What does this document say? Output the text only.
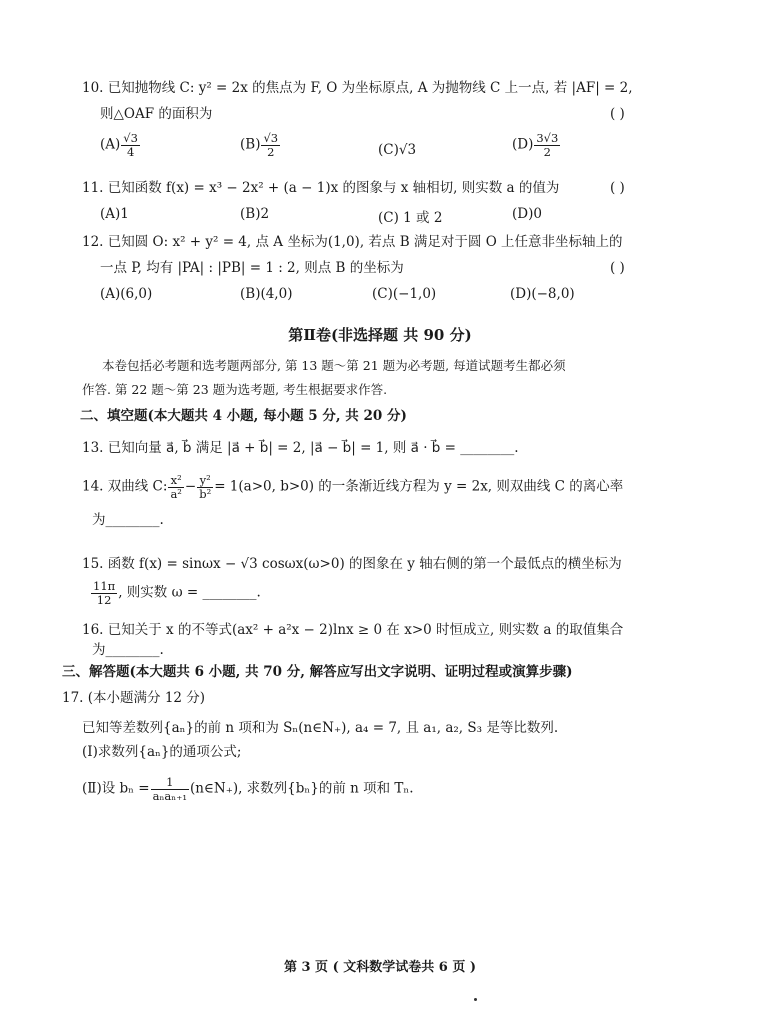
10. 已知抛物线 C: y² = 2x 的焦点为 F, O 为坐标原点, A 为抛物线 C 上一点, 若 |AF| = 2,
则△OAF 的面积为	( )
$(A) \frac{√3}{4}$	$(B) \frac{√3}{2}$	(C)√3	$(D) \frac{3√3}{2}$
11. 已知函数 f(x) = x³ − 2x² + (a − 1)x 的图象与 x 轴相切, 则实数 a 的值为	( )
(A)1	(B)2	(C) 1 或 2	(D)0
12. 已知圆 O: x² + y² = 4, 点 A 坐标为(1,0), 若点 B 满足对于圆 O 上任意非坐标轴上的
一点 P, 均有 |PA| : |PB| = 1 : 2, 则点 B 的坐标为	( )
(A)(6,0)	(B)(4,0)	(C)(−1,0)	(D)(−8,0)
第Ⅱ卷(非选择题 共 90 分)
本卷包括必考题和选考题两部分, 第 13 题～第 21 题为必考题, 每道试题考生都必须
作答. 第 22 题～第 23 题为选考题, 考生根据要求作答.
二、填空题(本大题共 4 小题, 每小题 5 分, 共 20 分)
13. 已知向量 a⃗, b⃗ 满足 |a⃗ + b⃗| = 2, |a⃗ − b⃗| = 1, 则 a⃗ · b⃗ = ________.
14. 双曲线 C: $\frac{\text{x²}}{\text{a²}} - \frac{\text{y²}}{\text{b²}} = 1(a>0$, b>0) 的一条渐近线方程为 y = 2x, 则双曲线 C 的离心率
为________.
15. 函数 f(x) = sinωx − √3 cosωx(ω>0) 的图象在 y 轴右侧的第一个最低点的横坐标为
$\frac{11\pi}{12}$ , 则实数 ω = ________.
16. 已知关于 x 的不等式(ax² + a²x − 2)lnx ≥ 0 在 x>0 时恒成立, 则实数 a 的取值集合
为________.
三、解答题(本大题共 6 小题, 共 70 分, 解答应写出文字说明、证明过程或演算步骤)
17. (本小题满分 12 分)
已知等差数列{aₙ}的前 n 项和为 Sₙ(n∈N₊), a₄ = 7, 且 a₁, a₂, S₃ 是等比数列.
(Ⅰ)求数列{aₙ}的通项公式;
(Ⅱ)设 $b_n = \frac{1}{\text{aₙaₙ₊₁}}$ (n∈N₊), 求数列{bₙ}的前 n 项和 Tₙ.
第 3 页 ( 文科数学试卷共 6 页 )
